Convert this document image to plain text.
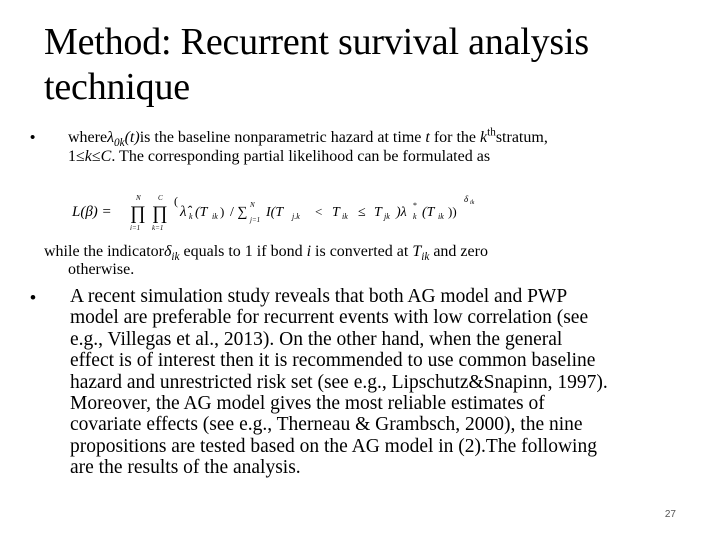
Method: Recurrent survival analysis
technique
• whereλ$_{0k}$(t)is the baseline nonparametric hazard at time t for the $k^{th}stratum$,
1≤k≤C. The corresponding partial likelihood can be formulated as
L(β) = ∏
N
i=1
∏
C
k=1
(
λ̂ k (T ik ) / ∑ N
j=1 I(T j.k < T ik ≤ T jk )λ k
* (T ik ))
δ ik
while the indicatorδ$_{ik}$ equals to 1 if bond i is converted at $T_{ik}$ and zero
otherwise.
• A recent simulation study reveals that both AG model and PWP
model are preferable for recurrent events with low correlation (see
e.g., Villegas et al., 2013). On the other hand, when the general
effect is of interest then it is recommended to use common baseline
hazard and unrestricted risk set (see e.g., Lipschutz&Snapinn, 1997).
Moreover, the AG model gives the most reliable estimates of
covariate effects (see e.g., Therneau & Grambsch, 2000), the nine
propositions are tested based on the AG model in (2).The following
are the results of the analysis.
27
